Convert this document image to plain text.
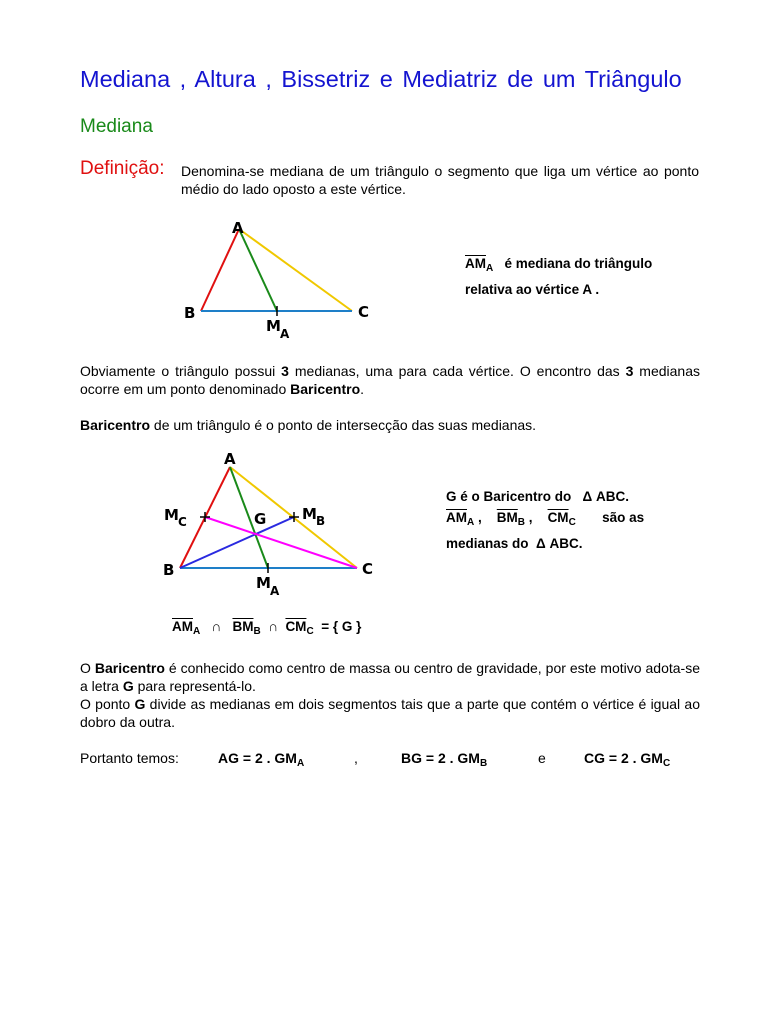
Mediana , Altura , Bissetriz e Mediatriz de um Triângulo
Mediana
Definição: Denomina-se mediana de um triângulo o segmento que liga um vértice ao ponto médio do lado oposto a este vértice.
A
B	C
M A
$\overline{AM}_A$ é mediana do triângulo
relativa ao vértice A .
Obviamente o triângulo possui 3 medianas, uma para cada vértice. O encontro das 3 medianas ocorre em um ponto denominado Baricentro.
Baricentro de um triângulo é o ponto de intersecção das suas medianas.
A
B	C
G
M C	M B
M A
G é o Baricentro do Δ ABC.
$\overline{AM}_A$ , $\overline{BM}_B$ , $\overline{CM}_C$ são as
medianas do Δ ABC.
$\overline{AM}_A$ ∩ $\overline{BM}_B$ ∩ $\overline{CM}_C$ = { G }
O Baricentro é conhecido como centro de massa ou centro de gravidade, por este motivo adota-se a letra G para representá-lo.
O ponto G divide as medianas em dois segmentos tais que a parte que contém o vértice é igual ao dobro da outra.
Portanto temos:	AG = 2 . $GM_A$	,	BG = 2 . $GM_B$	e	CG = 2 . $GM_C$
